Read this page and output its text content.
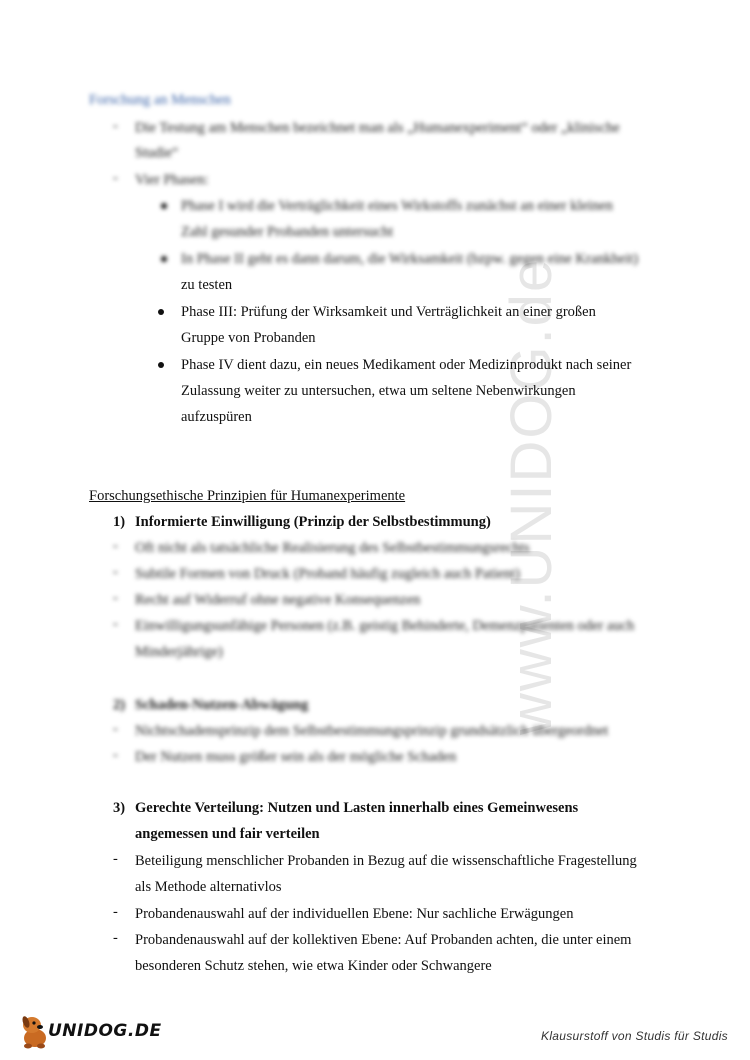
www.UNIDOG.de
Forschung an Menschen
-	Die Testung am Menschen bezeichnet man als „Humanexperiment“ oder „klinische
Studie“
-	Vier Phasen:
Phase I wird die Verträglichkeit eines Wirkstoffs zunächst an einer kleinen
Zahl gesunder Probanden untersucht
In Phase II geht es dann darum, die Wirksamkeit (bzpw. gegen eine Krankheit)
zu testen
Phase III: Prüfung der Wirksamkeit und Verträglichkeit an einer großen
Gruppe von Probanden
Phase IV dient dazu, ein neues Medikament oder Medizinprodukt nach seiner
Zulassung weiter zu untersuchen, etwa um seltene Nebenwirkungen
aufzuspüren
Forschungsethische Prinzipien für Humanexperimente
1) Informierte Einwilligung (Prinzip der Selbstbestimmung)
-	Oft nicht als tatsächliche Realisierung des Selbstbestimmungsrechts
-	Subtile Formen von Druck (Proband häufig zugleich auch Patient)
-	Recht auf Widerruf ohne negative Konsequenzen
-	Einwilligungsunfähige Personen (z.B. geistig Behinderte, Demenzpatienten oder auch
Minderjährige)
2) Schaden-Nutzen-Abwägung
-	Nichtschadensprinzip dem Selbstbestimmungsprinzip grundsätzlich übergeordnet
-	Der Nutzen muss größer sein als der mögliche Schaden
3) Gerechte Verteilung: Nutzen und Lasten innerhalb eines Gemeinwesens
angemessen und fair verteilen
-	Beteiligung menschlicher Probanden in Bezug auf die wissenschaftliche Fragestellung
als Methode alternativlos
-	Probandenauswahl auf der individuellen Ebene: Nur sachliche Erwägungen
-	Probandenauswahl auf der kollektiven Ebene: Auf Probanden achten, die unter einem
besonderen Schutz stehen, wie etwa Kinder oder Schwangere
UNIDOG.DE	Klausurstoff von Studis für Studis
